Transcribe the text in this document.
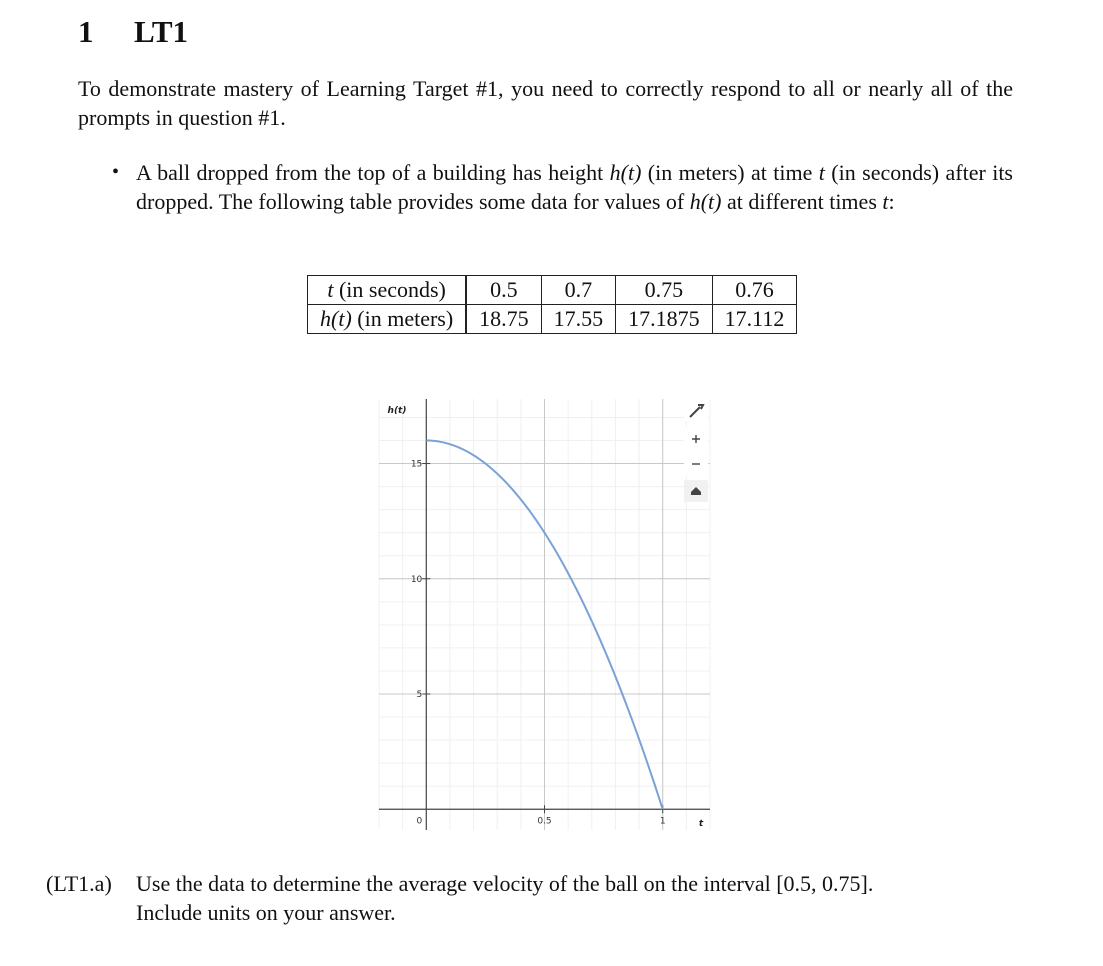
1 LT1

To demonstrate mastery of Learning Target #1, you need to correctly respond to all or nearly all of the prompts in question #1.

• A ball dropped from the top of a building has height h(t) (in meters) at time t (in seconds) after its dropped. The following table provides some data for values of h(t) at different times t:
t (in seconds)	0.5	0.7	0.75	0.76
h(t) (in meters)	18.75	17.55	17.1875	17.112
0.5	1
0
5
10
15
h(t)
t
(LT1.a) Use the data to determine the average velocity of the ball on the interval [0.5, 0.75].
Include units on your answer.
